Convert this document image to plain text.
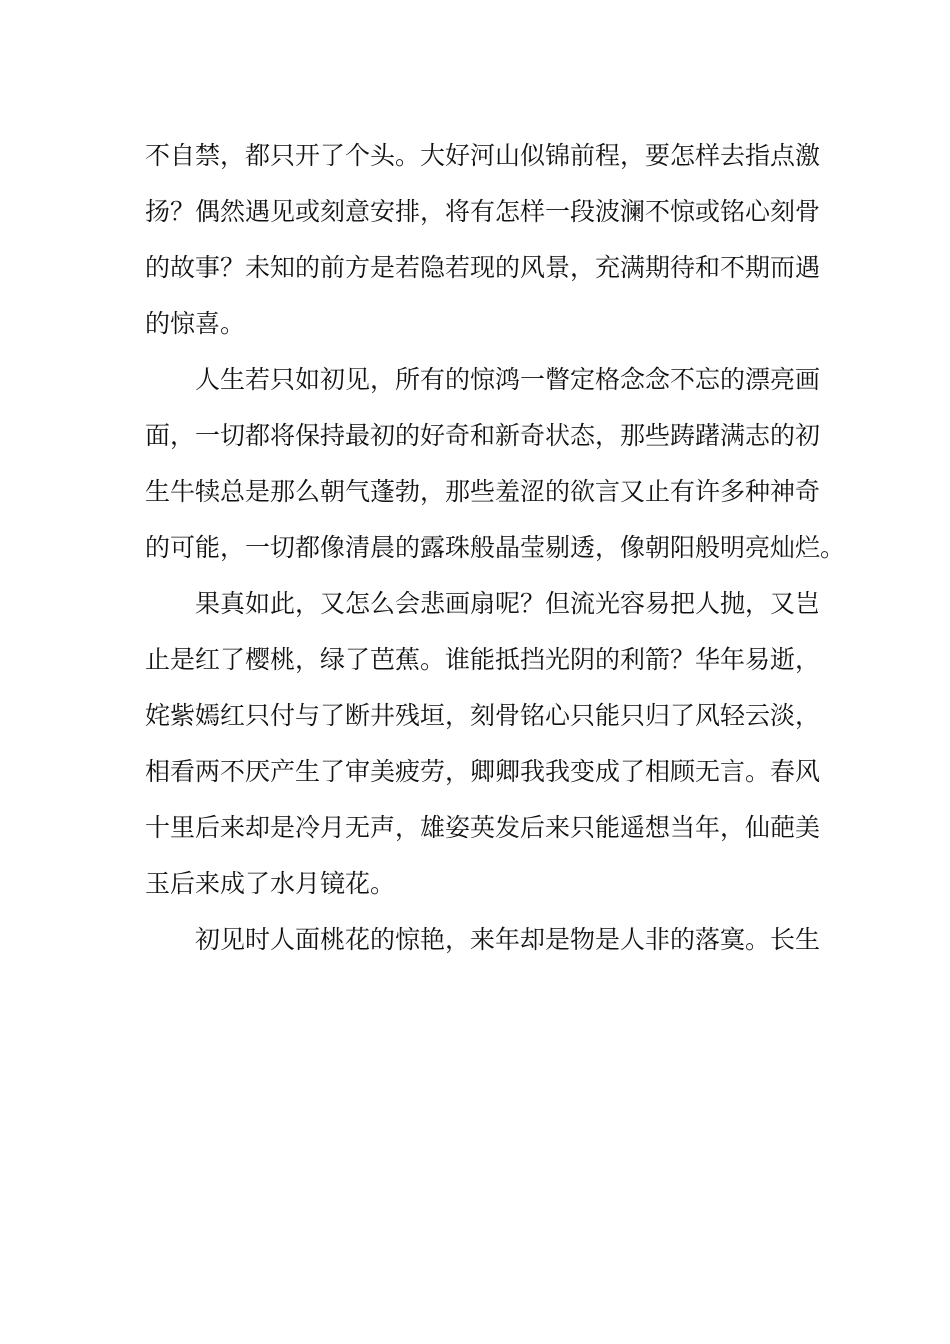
不自禁，都只开了个头。大好河山似锦前程，要怎样去指点激
扬？偶然遇见或刻意安排，将有怎样一段波澜不惊或铭心刻骨
的故事？未知的前方是若隐若现的风景，充满期待和不期而遇
的惊喜。
人生若只如初见，所有的惊鸿一瞥定格念念不忘的漂亮画
面，一切都将保持最初的好奇和新奇状态，那些踌躇满志的初
生牛犊总是那么朝气蓬勃，那些羞涩的欲言又止有许多种神奇
的可能，一切都像清晨的露珠般晶莹剔透，像朝阳般明亮灿烂。
果真如此，又怎么会悲画扇呢？但流光容易把人抛，又岂
止是红了樱桃，绿了芭蕉。谁能抵挡光阴的利箭？华年易逝，
姹紫嫣红只付与了断井残垣，刻骨铭心只能只归了风轻云淡，
相看两不厌产生了审美疲劳，卿卿我我变成了相顾无言。春风
十里后来却是冷月无声，雄姿英发后来只能遥想当年，仙葩美
玉后来成了水月镜花。
初见时人面桃花的惊艳，来年却是物是人非的落寞。长生
